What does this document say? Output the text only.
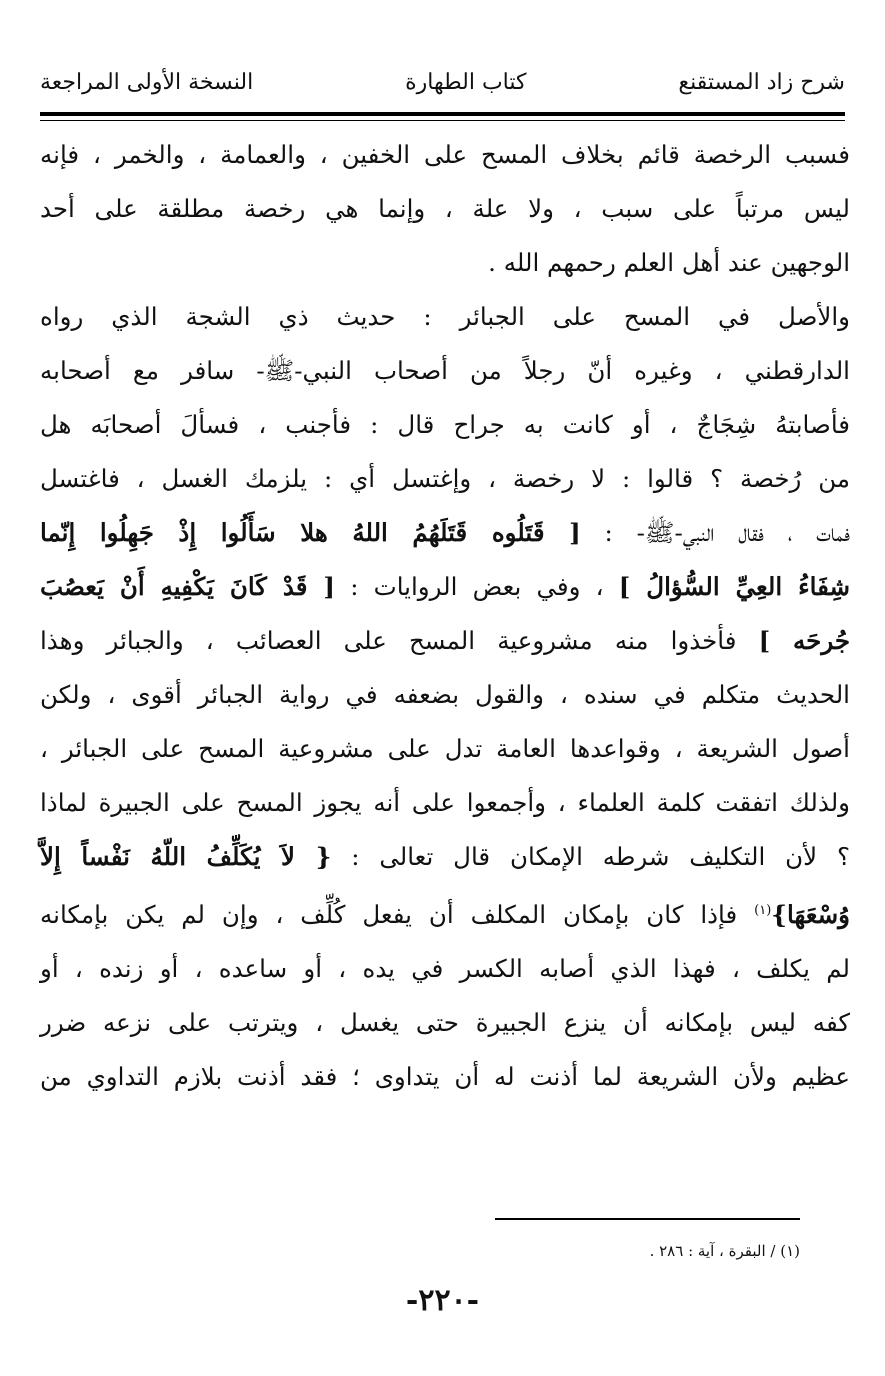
شرح زاد المستقنع
كتاب الطهارة
النسخة الأولى المراجعة

فسبب الرخصة قائم بخلاف المسح على الخفين ، والعمامة ، والخمر ، فإنه
ليس مرتباً على سبب ، ولا علة ، وإنما هي رخصة مطلقة على أحد
الوجهين عند أهل العلم رحمهم الله .

والأصل في المسح على الجبائر : حديث ذي الشجة الذي رواه
الدارقطني ، وغيره أنّ رجلاً من أصحاب النبي-ﷺ- سافر مع أصحابه
فأصابتهُ شِجَاجٌ ، أو كانت به جراح قال : فأجنب ، فسألَ أصحابَه هل
من رُخصة ؟ قالوا : لا رخصة ، وإغتسل أي : يلزمك الغسل ، فاغتسل
فمات ، فقال النبي-ﷺ- : [ قَتَلُوه قَتَلَهُمُ اللهُ هلا سَأَلُوا إِذْ جَهِلُوا إِنّما
شِفَاءُ العِيِّ السُّؤالُ ] ، وفي بعض الروايات : [ قَدْ كَانَ يَكْفِيهِ أَنْ يَعصُبَ
جُرحَه ] فأخذوا منه مشروعية المسح على العصائب ، والجبائر وهذا
الحديث متكلم في سنده ، والقول بضعفه في رواية الجبائر أقوى ، ولكن
أصول الشريعة ، وقواعدها العامة تدل على مشروعية المسح على الجبائر ،
ولذلك اتفقت كلمة العلماء ، وأجمعوا على أنه يجوز المسح على الجبيرة لماذا
؟ لأن التكليف شرطه الإمكان قال تعالى : { لاَ يُكَلِّفُ اللّهُ نَفْساً إِلاَّ
وُسْعَهَا}$^{(١)}$ فإذا كان بإمكان المكلف أن يفعل كُلِّف ، وإن لم يكن بإمكانه
لم يكلف ، فهذا الذي أصابه الكسر في يده ، أو ساعده ، أو زنده ، أو
كفه ليس بإمكانه أن ينزع الجبيرة حتى يغسل ، ويترتب على نزعه ضرر
عظيم ولأن الشريعة لما أذنت له أن يتداوى ؛ فقد أذنت بلازم التداوي من

(١) / البقرة ، آية : ٢٨٦ .
-٢٢٠-
